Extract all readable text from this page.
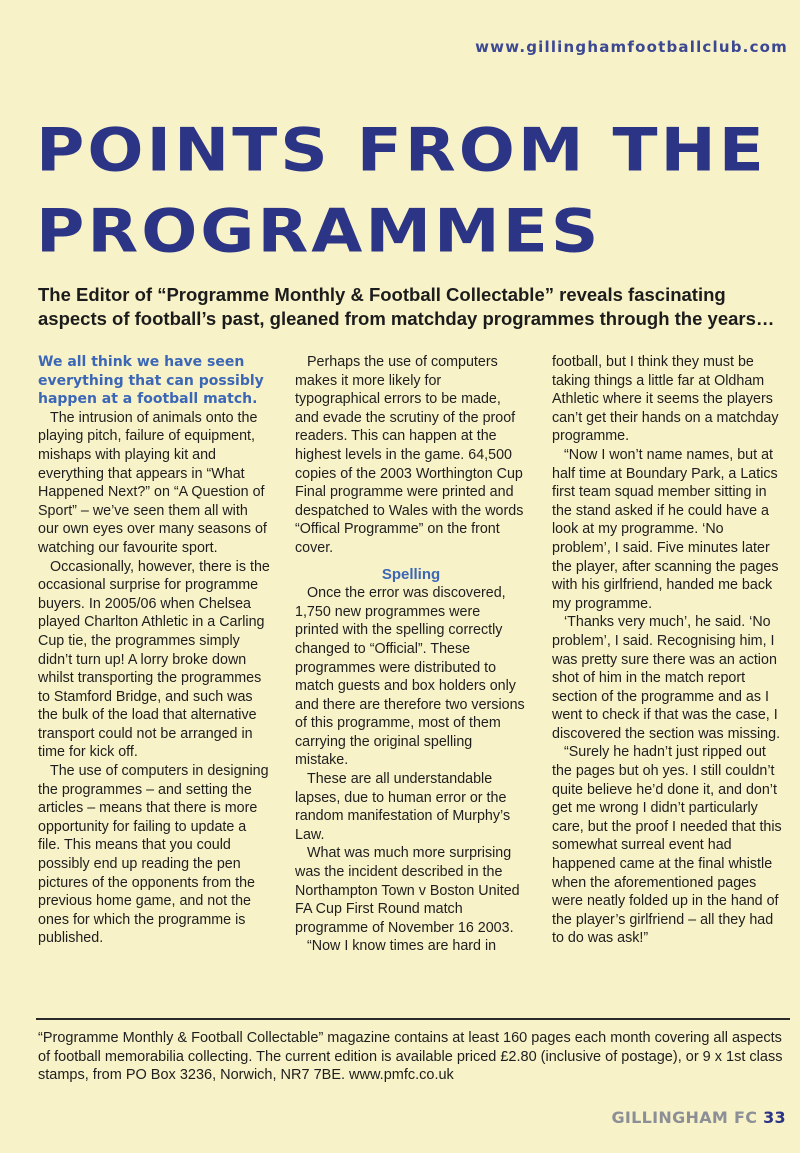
www.gillinghamfootballclub.com
POINTS FROM THE
PROGRAMMES
The Editor of “Programme Monthly & Football Collectable” reveals fascinating aspects of football’s past, gleaned from matchday programmes through the years…

We all think we have seen everything that can possibly happen at a football match.

The intrusion of animals onto the playing pitch, failure of equipment, mishaps with playing kit and everything that appears in “What Happened Next?” on “A Question of Sport” – we’ve seen them all with our own eyes over many seasons of watching our favourite sport.

Occasionally, however, there is the occasional surprise for programme buyers. In 2005/06 when Chelsea played Charlton Athletic in a Carling Cup tie, the programmes simply didn’t turn up! A lorry broke down whilst transporting the programmes to Stamford Bridge, and such was the bulk of the load that alternative transport could not be arranged in time for kick off.

The use of computers in designing the programmes – and setting the articles – means that there is more opportunity for failing to update a file. This means that you could possibly end up reading the pen pictures of the opponents from the previous home game, and not the ones for which the programme is published.

Perhaps the use of computers makes it more likely for typographical errors to be made, and evade the scrutiny of the proof readers. This can happen at the highest levels in the game. 64,500 copies of the 2003 Worthington Cup Final programme were printed and despatched to Wales with the words “Offical Programme” on the front cover.

Spelling

Once the error was discovered, 1,750 new programmes were printed with the spelling correctly changed to “Official”. These programmes were distributed to match guests and box holders only and there are therefore two versions of this programme, most of them carrying the original spelling mistake.

These are all understandable lapses, due to human error or the random manifestation of Murphy’s Law.

What was much more surprising was the incident described in the Northampton Town v Boston United FA Cup First Round match programme of November 16 2003.

“Now I know times are hard in

football, but I think they must be taking things a little far at Oldham Athletic where it seems the players can’t get their hands on a matchday programme.

“Now I won’t name names, but at half time at Boundary Park, a Latics first team squad member sitting in the stand asked if he could have a look at my programme. ‘No problem’, I said. Five minutes later the player, after scanning the pages with his girlfriend, handed me back my programme.

‘Thanks very much’, he said. ‘No problem’, I said. Recognising him, I was pretty sure there was an action shot of him in the match report section of the programme and as I went to check if that was the case, I discovered the section was missing.

“Surely he hadn’t just ripped out the pages but oh yes. I still couldn’t quite believe he’d done it, and don’t get me wrong I didn’t particularly care, but the proof I needed that this somewhat surreal event had happened came at the final whistle when the aforementioned pages were neatly folded up in the hand of the player’s girlfriend – all they had to do was ask!”

“Programme Monthly & Football Collectable” magazine contains at least 160 pages each month covering all aspects of football memorabilia collecting. The current edition is available priced £2.80 (inclusive of postage), or 9 x 1st class stamps, from PO Box 3236, Norwich, NR7 7BE. www.pmfc.co.uk
GILLINGHAM FC 33
